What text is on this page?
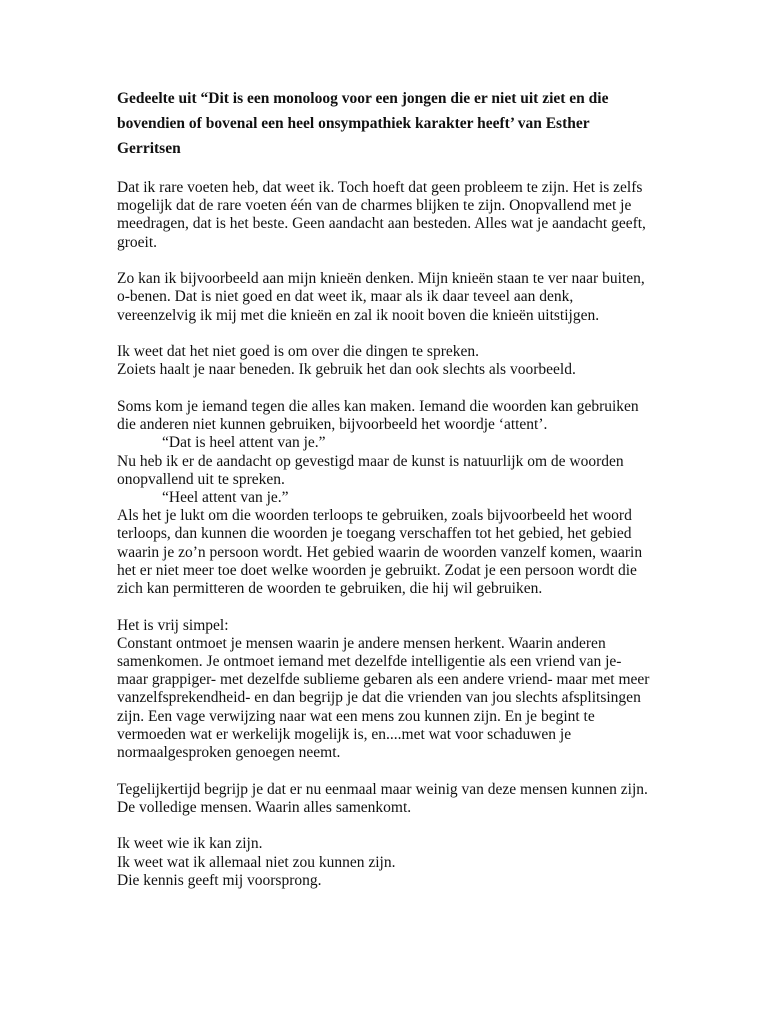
Gedeelte uit “Dit is een monoloog voor een jongen die er niet uit ziet en die
bovendien of bovenal een heel onsympathiek karakter heeft’ van Esther
Gerritsen
Dat ik rare voeten heb, dat weet ik. Toch hoeft dat geen probleem te zijn. Het is zelfs
mogelijk dat de rare voeten één van de charmes blijken te zijn. Onopvallend met je
meedragen, dat is het beste. Geen aandacht aan besteden. Alles wat je aandacht geeft,
groeit.
Zo kan ik bijvoorbeeld aan mijn knieën denken. Mijn knieën staan te ver naar buiten,
o-benen. Dat is niet goed en dat weet ik, maar als ik daar teveel aan denk,
vereenzelvig ik mij met die knieën en zal ik nooit boven die knieën uitstijgen.
Ik weet dat het niet goed is om over die dingen te spreken.
Zoiets haalt je naar beneden. Ik gebruik het dan ook slechts als voorbeeld.
Soms kom je iemand tegen die alles kan maken. Iemand die woorden kan gebruiken
die anderen niet kunnen gebruiken, bijvoorbeeld het woordje ‘attent’.
“Dat is heel attent van je.”
Nu heb ik er de aandacht op gevestigd maar de kunst is natuurlijk om de woorden
onopvallend uit te spreken.
“Heel attent van je.”
Als het je lukt om die woorden terloops te gebruiken, zoals bijvoorbeeld het woord
terloops, dan kunnen die woorden je toegang verschaffen tot het gebied, het gebied
waarin je zo’n persoon wordt. Het gebied waarin de woorden vanzelf komen, waarin
het er niet meer toe doet welke woorden je gebruikt. Zodat je een persoon wordt die
zich kan permitteren de woorden te gebruiken, die hij wil gebruiken.
Het is vrij simpel:
Constant ontmoet je mensen waarin je andere mensen herkent. Waarin anderen
samenkomen. Je ontmoet iemand met dezelfde intelligentie als een vriend van je-
maar grappiger- met dezelfde sublieme gebaren als een andere vriend- maar met meer
vanzelfsprekendheid- en dan begrijp je dat die vrienden van jou slechts afsplitsingen
zijn. Een vage verwijzing naar wat een mens zou kunnen zijn. En je begint te
vermoeden wat er werkelijk mogelijk is, en....met wat voor schaduwen je
normaalgesproken genoegen neemt.
Tegelijkertijd begrijp je dat er nu eenmaal maar weinig van deze mensen kunnen zijn.
De volledige mensen. Waarin alles samenkomt.
Ik weet wie ik kan zijn.
Ik weet wat ik allemaal niet zou kunnen zijn.
Die kennis geeft mij voorsprong.
